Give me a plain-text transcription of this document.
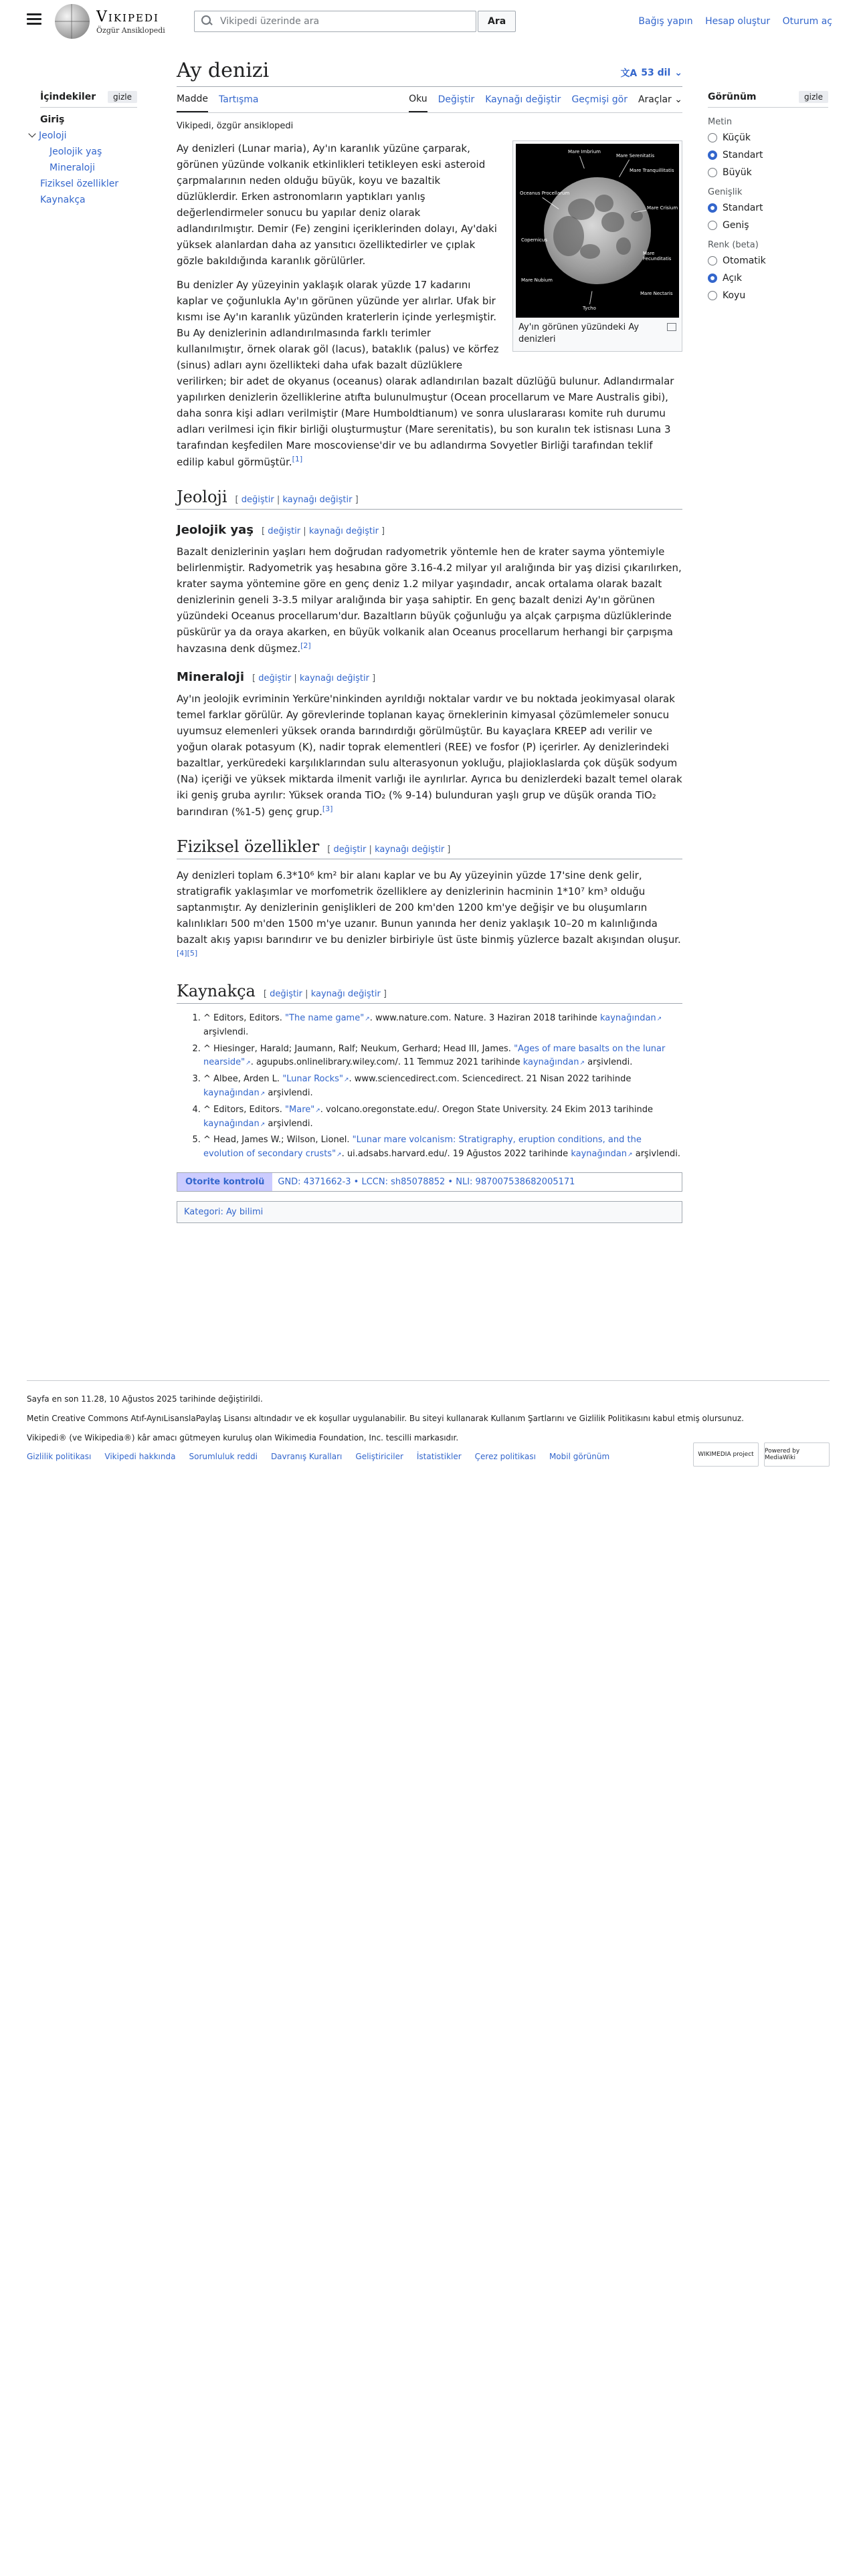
Vikipedi
Özgür Ansiklopedi
Vikipedi üzerinde ara
Ara	Bağış yapın Hesap oluştur Oturum aç
İçindekiler	gizle
Giriş
Jeoloji
Jeolojik yaş
Mineraloji
Fiziksel özellikler
Kaynakça
Ay denizi	文A 53 dil ⌄
Madde Tartışma	Oku Değiştir Kaynağı değiştir Geçmişi gör Araçlar ⌄
Vikipedi, özgür ansiklopedi
Mare Imbrium
Mare Serenitatis
Mare Tranquillitatis
Oceanus Procellarum
Mare Crisium
Mare Fecunditatis
Mare Nectaris
Mare Nubium
Tycho
Copernicus
Ay'ın görünen yüzündeki Ay denizleri

Ay denizleri (Lunar maria), Ay'ın karanlık yüzüne çarparak, görünen yüzünde volkanik etkinlikleri tetikleyen eski asteroid çarpmalarının neden olduğu büyük, koyu ve bazaltik düzlüklerdir. Erken astronomların yaptıkları yanlış değerlendirmeler sonucu bu yapılar deniz olarak adlandırılmıştır. Demir (Fe) zengini içeriklerinden dolayı, Ay'daki yüksek alanlardan daha az yansıtıcı özelliktedirler ve çıplak gözle bakıldığında karanlık görülürler.

Bu denizler Ay yüzeyinin yaklaşık olarak yüzde 17 kadarını kaplar ve çoğunlukla Ay'ın görünen yüzünde yer alırlar. Ufak bir kısmı ise Ay'ın karanlık yüzünden kraterlerin içinde yerleşmiştir. Bu Ay denizlerinin adlandırılmasında farklı terimler kullanılmıştır, örnek olarak göl (lacus), bataklık (palus) ve körfez (sinus) adları aynı özellikteki daha ufak bazalt düzlüklere verilirken; bir adet de okyanus (oceanus) olarak adlandırılan bazalt düzlüğü bulunur. Adlandırmalar yapılırken denizlerin özelliklerine atıfta bulunulmuştur (Ocean procellarum ve Mare Australis gibi), daha sonra kişi adları verilmiştir (Mare Humboldtianum) ve sonra uluslararası komite ruh durumu adları verilmesi için fikir birliği oluşturmuştur (Mare serenitatis), bu son kuralın tek istisnası Luna 3 tarafından keşfedilen Mare moscoviense'dir ve bu adlandırma Sovyetler Birliği tarafından teklif edilip kabul görmüştür.[1]

Jeoloji [ değiştir | kaynağı değiştir ]
Jeolojik yaş [ değiştir | kaynağı değiştir ]

Bazalt denizlerinin yaşları hem doğrudan radyometrik yöntemle hen de krater sayma yöntemiyle belirlenmiştir. Radyometrik yaş hesabına göre 3.16-4.2 milyar yıl aralığında bir yaş dizisi çıkarılırken, krater sayma yöntemine göre en genç deniz 1.2 milyar yaşındadır, ancak ortalama olarak bazalt denizlerinin geneli 3-3.5 milyar aralığında bir yaşa sahiptir. En genç bazalt denizi Ay'ın görünen yüzündeki Oceanus procellarum'dur. Bazaltların büyük çoğunluğu ya alçak çarpışma düzlüklerinde püskürür ya da oraya akarken, en büyük volkanik alan Oceanus procellarum herhangi bir çarpışma havzasına denk düşmez.[2]

Mineraloji [ değiştir | kaynağı değiştir ]

Ay'ın jeolojik evriminin Yerküre'ninkinden ayrıldığı noktalar vardır ve bu noktada jeokimyasal olarak temel farklar görülür. Ay görevlerinde toplanan kayaç örneklerinin kimyasal çözümlemeler sonucu uyumsuz elemenleri yüksek oranda barındırdığı görülmüştür. Bu kayaçlara KREEP adı verilir ve yoğun olarak potasyum (K), nadir toprak elementleri (REE) ve fosfor (P) içerirler. Ay denizlerindeki bazaltlar, yerküredeki karşılıklarından sulu alterasyonun yokluğu, plajioklaslarda çok düşük sodyum (Na) içeriği ve yüksek miktarda ilmenit varlığı ile ayrılırlar. Ayrıca bu denizlerdeki bazalt temel olarak iki geniş gruba ayrılır: Yüksek oranda TiO₂ (% 9-14) bulunduran yaşlı grup ve düşük oranda TiO₂ barındıran (%1-5) genç grup.[3]

Fiziksel özellikler [ değiştir | kaynağı değiştir ]

Ay denizleri toplam 6.3*10⁶ km² bir alanı kaplar ve bu Ay yüzeyinin yüzde 17'sine denk gelir, stratigrafik yaklaşımlar ve morfometrik özelliklere ay denizlerinin hacminin 1*10⁷ km³ olduğu saptanmıştır. Ay denizlerinin genişlikleri de 200 km'den 1200 km'ye değişir ve bu oluşumların kalınlıkları 500 m'den 1500 m'ye uzanır. Bunun yanında her deniz yaklaşık 10–20 m kalınlığında bazalt akış yapısı barındırır ve bu denizler birbiriyle üst üste binmiş yüzlerce bazalt akışından oluşur.[4][5]

Kaynakça [ değiştir | kaynağı değiştir ]
1. ^ Editors, Editors. "The name game" ↗ . www.nature.com. Nature. 3 Haziran 2018 tarihinde kaynağından ↗ arşivlendi.
2. ^ Hiesinger, Harald; Jaumann, Ralf; Neukum, Gerhard; Head III, James. "Ages of mare basalts on the lunar nearside" ↗ . agupubs.onlinelibrary.wiley.com/. 11 Temmuz 2021 tarihinde kaynağından ↗ arşivlendi.
3. ^ Albee, Arden L. "Lunar Rocks" ↗ . www.sciencedirect.com. Sciencedirect. 21 Nisan 2022 tarihinde kaynağından ↗ arşivlendi.
4. ^ Editors, Editors. "Mare" ↗ . volcano.oregonstate.edu/. Oregon State University. 24 Ekim 2013 tarihinde kaynağından ↗ arşivlendi.
5. ^ Head, James W.; Wilson, Lionel. "Lunar mare volcanism: Stratigraphy, eruption conditions, and the evolution of secondary crusts" ↗ . ui.adsabs.harvard.edu/. 19 Ağustos 2022 tarihinde kaynağından ↗ arşivlendi.
Otorite kontrolü	GND: 4371662-3 • LCCN: sh85078852 • NLI: 987007538682005171
Kategori: Ay bilimi
Görünüm	gizle
Metin
Küçük
Standart
Büyük
Genişlik
Standart
Geniş
Renk (beta)
Otomatik
Açık
Koyu

Sayfa en son 11.28, 10 Ağustos 2025 tarihinde değiştirildi.

Metin Creative Commons Atıf-AynıLisanslaPaylaş Lisansı altındadır ve ek koşullar uygulanabilir. Bu siteyi kullanarak Kullanım Şartlarını ve Gizlilik Politikasını kabul etmiş olursunuz.

Vikipedi® (ve Wikipedia®) kâr amacı gütmeyen kuruluş olan Wikimedia Foundation, Inc. tescilli markasıdır.

Gizlilik politikası Vikipedi hakkında Sorumluluk reddi Davranış Kuralları Geliştiriciler İstatistikler Çerez politikası Mobil görünüm	WIKIMEDIA project	Powered by MediaWiki
